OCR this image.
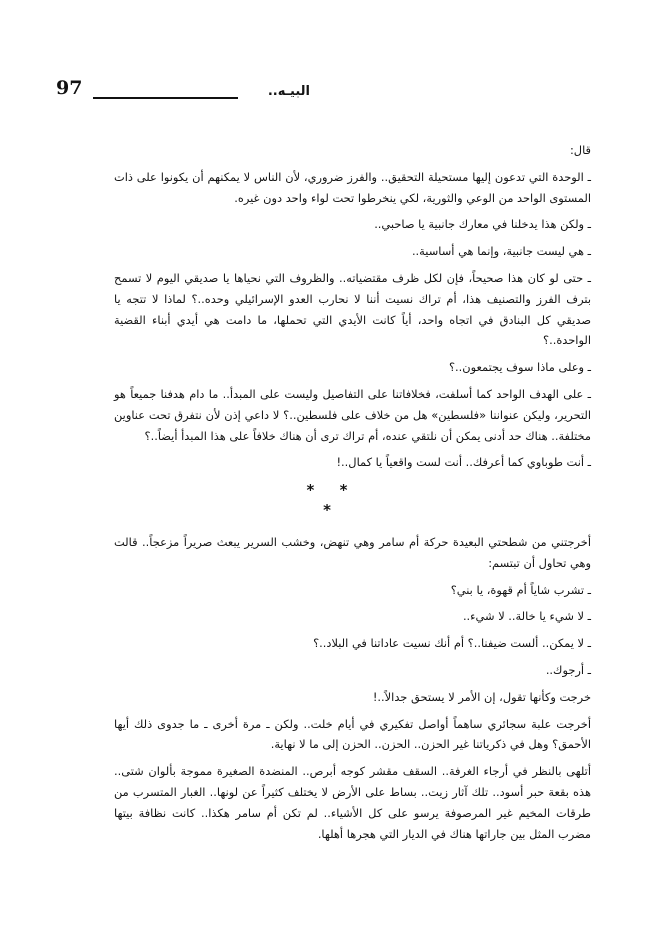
97	البيـه..

قال:

ـ الوحدة التي تدعون إليها مستحيلة التحقيق.. والفرز ضروري، لأن الناس لا يمكنهم أن يكونوا على ذات المستوى الواحد من الوعي والثورية، لكي ينخرطوا تحت لواء واحد دون غيره.

ـ ولكن هذا يدخلنا في معارك جانبية يا صاحبي..

ـ هي ليست جانبية، وإنما هي أساسية..

ـ حتى لو كان هذا صحيحاً، فإن لكل ظرف مقتضياته.. والظروف التي نحياها يا صديقي اليوم لا تسمح بترف الفرز والتصنيف هذا، أم تراك نسيت أننا لا نحارب العدو الإسرائيلي وحده..؟ لماذا لا تتجه يا صديقي كل البنادق في اتجاه واحد، أياً كانت الأيدي التي تحملها، ما دامت هي أيدي أبناء القضية الواحدة..؟

ـ وعلى ماذا سوف يجتمعون..؟

ـ على الهدف الواحد كما أسلفت، فخلافاتنا على التفاصيل وليست على المبدأ.. ما دام هدفنا جميعاً هو التحرير، وليكن عنواننا «فلسطين» هل من خلاف على فلسطين..؟ لا داعي إذن لأن نتفرق تحت عناوين مختلفة.. هناك حد أدنى يمكن أن نلتقي عنده، أم تراك ترى أن هناك خلافاً على هذا المبدأ أيضاً..؟

ـ أنت طوباوي كما أعرفك.. أنت لست واقعياً يا كمال..!

* * *

أخرجتني من شطحتي البعيدة حركة أم سامر وهي تنهض، وخشب السرير يبعث صريراً مزعجاً.. قالت وهي تحاول أن تبتسم:

ـ تشرب شاياً أم قهوة، يا بني؟

ـ لا شيء يا خالة.. لا شيء..

ـ لا يمكن.. ألست ضيفنا..؟ أم أنك نسيت عاداتنا في البلاد..؟

ـ أرجوك..

خرجت وكأنها تقول، إن الأمر لا يستحق جدالاً..!

أخرجت علبة سجائري ساهماً أواصل تفكيري في أيام خلت.. ولكن ـ مرة أخرى ـ ما جدوى ذلك أيها الأحمق؟ وهل في ذكرياتنا غير الحزن.. الحزن.. الحزن إلى ما لا نهاية.

أتلهى بالنظر في أرجاء الغرفة.. السقف مقشر كوجه أبرص.. المنضدة الصغيرة مموجة بألوان شتى.. هذه بقعة حبر أسود.. تلك آثار زيت.. بساط على الأرض لا يختلف كثيراً عن لونها.. الغبار المتسرب من طرقات المخيم غير المرصوفة يرسو على كل الأشياء.. لم تكن أم سامر هكذا.. كانت نظافة بيتها مضرب المثل بين جاراتها هناك في الديار التي هجرها أهلها.
